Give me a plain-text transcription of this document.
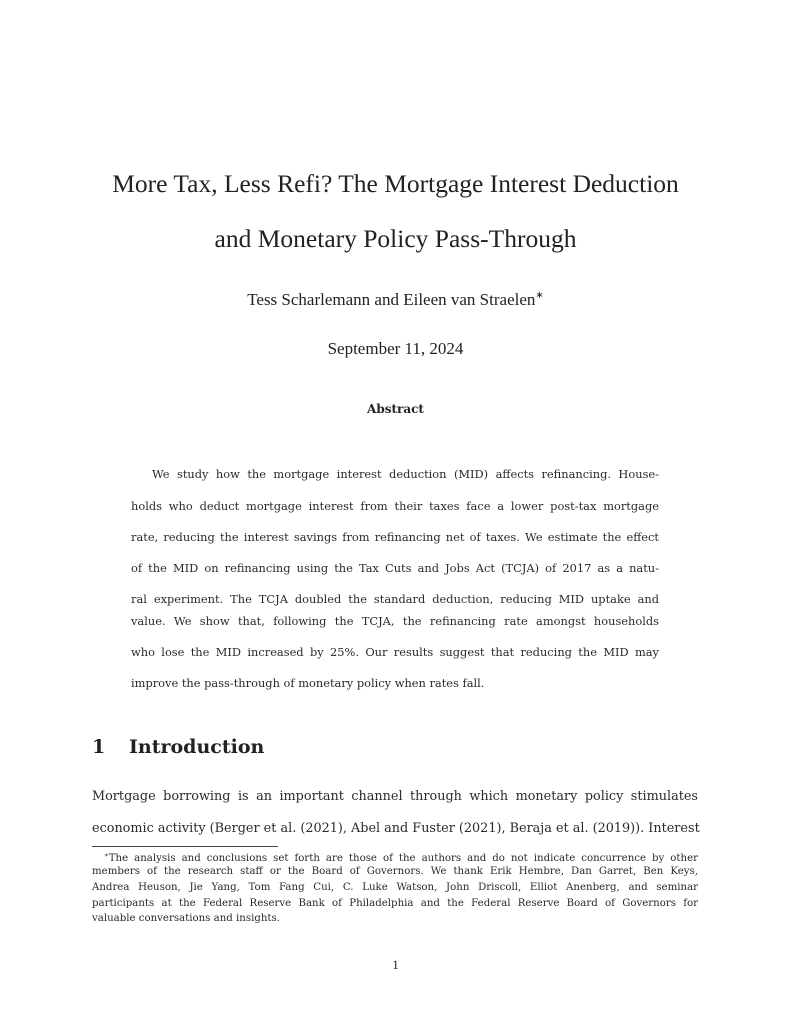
More Tax, Less Refi? The Mortgage Interest Deduction
and Monetary Policy Pass-Through
Tess Scharlemann and Eileen van Straelen∗
September 11, 2024
Abstract
We study how the mortgage interest deduction (MID) affects refinancing. House-
holds who deduct mortgage interest from their taxes face a lower post-tax mortgage
rate, reducing the interest savings from refinancing net of taxes. We estimate the effect
of the MID on refinancing using the Tax Cuts and Jobs Act (TCJA) of 2017 as a natu-
ral experiment. The TCJA doubled the standard deduction, reducing MID uptake and
value. We show that, following the TCJA, the refinancing rate amongst households
who lose the MID increased by 25%. Our results suggest that reducing the MID may
improve the pass-through of monetary policy when rates fall.
1 Introduction
Mortgage borrowing is an important channel through which monetary policy stimulates
economic activity (Berger et al. (2021), Abel and Fuster (2021), Beraja et al. (2019)). Interest
∗The analysis and conclusions set forth are those of the authors and do not indicate concurrence by other
members of the research staff or the Board of Governors. We thank Erik Hembre, Dan Garret, Ben Keys,
Andrea Heuson, Jie Yang, Tom Fang Cui, C. Luke Watson, John Driscoll, Elliot Anenberg, and seminar
participants at the Federal Reserve Bank of Philadelphia and the Federal Reserve Board of Governors for
valuable conversations and insights.
1
